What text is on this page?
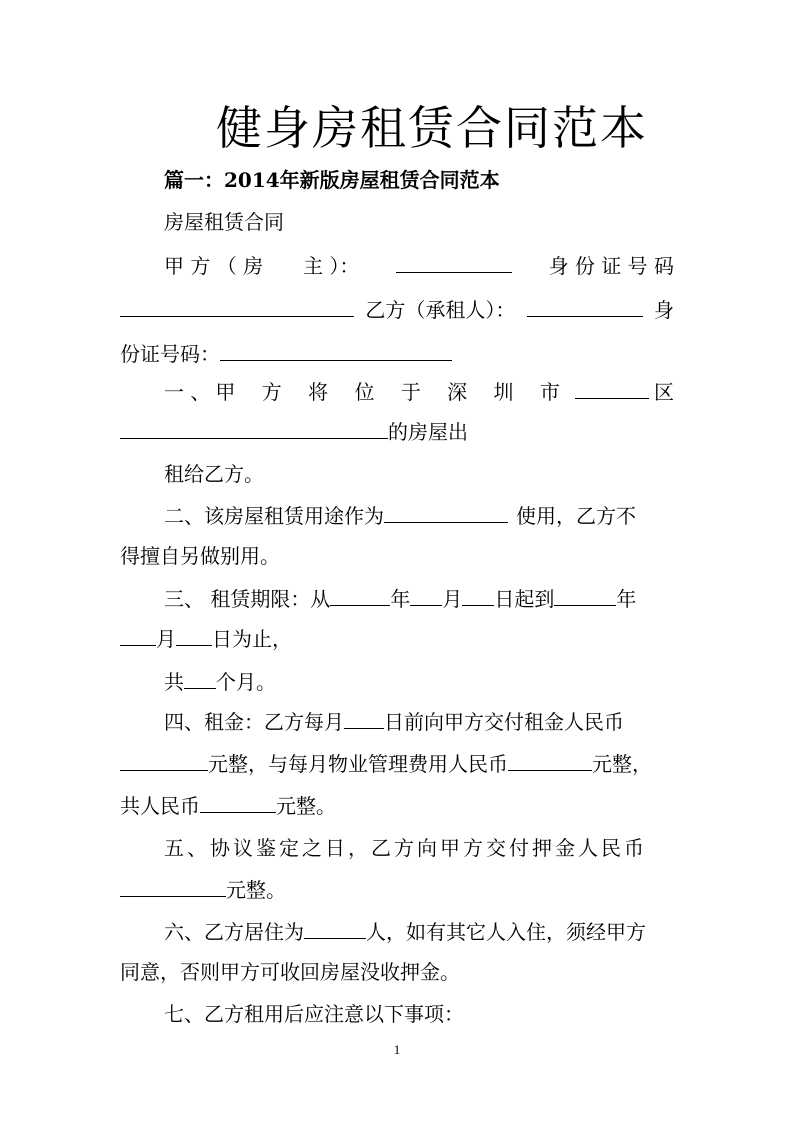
健身房租赁合同范本
篇一：2014年新版房屋租赁合同范本
房屋租赁合同
甲 方 （ 房　　主 ）：	身 份 证 号 码
乙方（承租人）：	身
份证号码：
一 、 甲 方 将 位 于 深 圳 市	区
的房屋出
租给乙方。
二、该房屋租赁用途作为	使用，乙方不
得擅自另做别用。
三、 租赁期限：从	年 月 日起到	年
月 日为止，
共 个月。
四、租金：乙方每月 日前向甲方交付租金人民币
元整，与每月物业管理费用人民币	元整，
共人民币	元整。
五、协议鉴定之日，乙方向甲方交付押金人民币
元整。
六、乙方居住为	人，如有其它人入住，须经甲方
同意，否则甲方可收回房屋没收押金。
七、乙方租用后应注意以下事项：
1
